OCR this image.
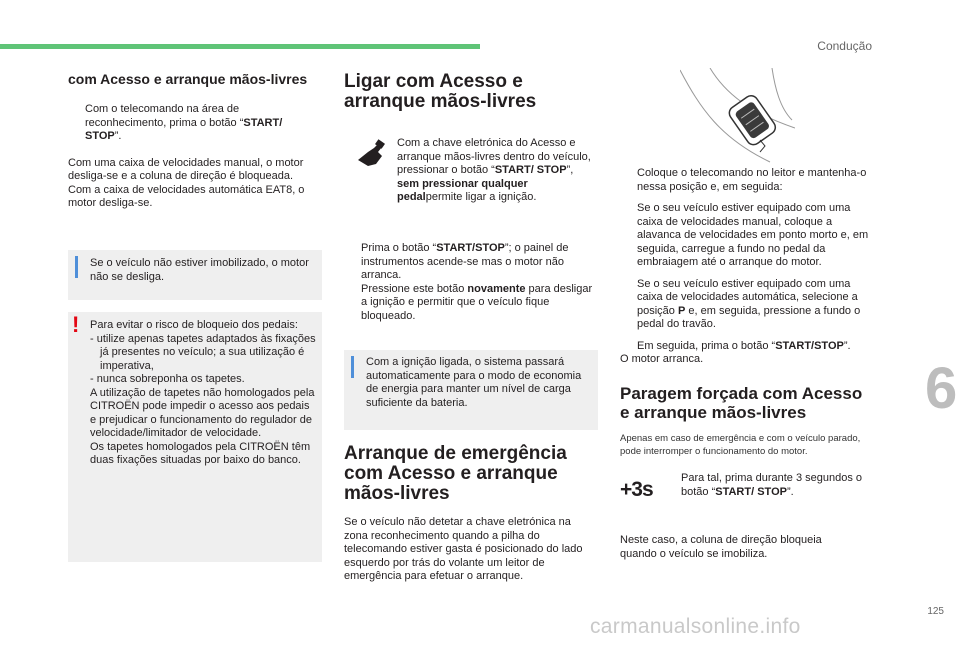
Condução
6
125
carmanualsonline.info
com Acesso e arranque mãos-livres
Com o telecomando na área de reconhecimento, prima o botão “START/ STOP”.

Com uma caixa de velocidades manual, o motor desliga-se e a coluna de direção é bloqueada.

Com a caixa de velocidades automática EAT8, o motor desliga-se.

Se o veículo não estiver imobilizado, o motor não se desliga.

! Para evitar o risco de bloqueio dos pedais:

- utilize apenas tapetes adaptados às fixações já presentes no veículo; a sua utilização é imperativa,

- nunca sobreponha os tapetes.

A utilização de tapetes não homologados pela CITROËN pode impedir o acesso aos pedais e prejudicar o funcionamento do regulador de velocidade/limitador de velocidade.

Os tapetes homologados pela CITROËN têm duas fixações situadas por baixo do banco.

Ligar com Acesso e arranque mãos-livres
Com a chave eletrónica do Acesso e arranque mãos-livres dentro do veículo, pressionar o botão “START/ STOP”, sem pressionar qualquer pedalpermite ligar a ignição.
Prima o botão “START/STOP”; o painel de instrumentos acende-se mas o motor não arranca.
Pressione este botão novamente para desligar a ignição e permitir que o veículo fique bloqueado.

Com a ignição ligada, o sistema passará automaticamente para o modo de economia de energia para manter um nível de carga suficiente da bateria.

Arranque de emergência com Acesso e arranque mãos-livres

Se o veículo não detetar a chave eletrónica na zona reconhecimento quando a pilha do telecomando estiver gasta é posicionado do lado esquerdo por trás do volante um leitor de emergência para efetuar o arranque.

Coloque o telecomando no leitor e mantenha-o nessa posição e, em seguida:
Se o seu veículo estiver equipado com uma caixa de velocidades manual, coloque a alavanca de velocidades em ponto morto e, em seguida, carregue a fundo no pedal da embraiagem até o arranque do motor.
Se o seu veículo estiver equipado com uma caixa de velocidades automática, selecione a posição P e, em seguida, pressione a fundo o pedal do travão.
Em seguida, prima o botão “START/STOP”.

O motor arranca.

Paragem forçada com Acesso e arranque mãos-livres

Apenas em caso de emergência e com o veículo parado, pode interromper o funcionamento do motor.

+3s	Para tal, prima durante 3 segundos o botão “START/ STOP”.
Neste caso, a coluna de direção bloqueia quando o veículo se imobiliza.
